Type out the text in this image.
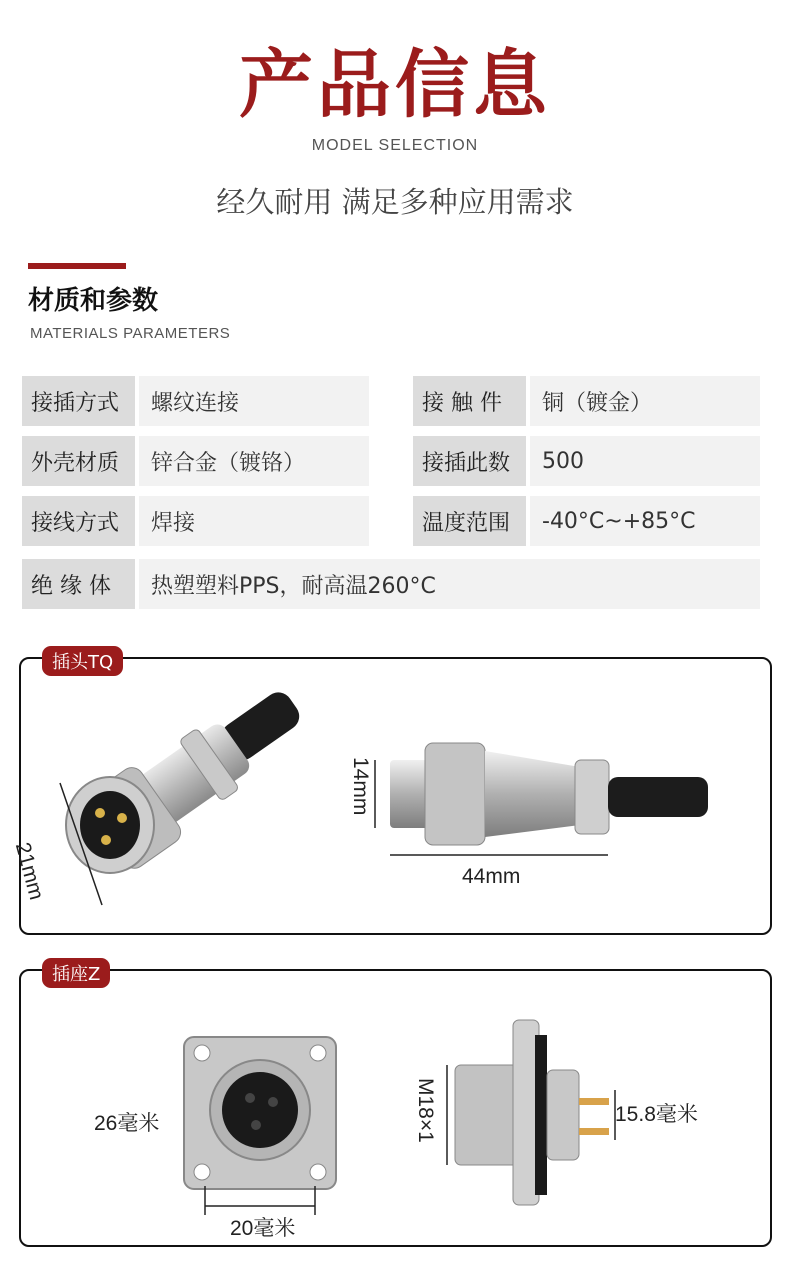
产品信息
MODEL SELECTION
经久耐用 满足多种应用需求
材质和参数
MATERIALS PARAMETERS
接插方式	螺纹连接	接 触 件	铜（镀金）
外壳材质	锌合金（镀铬）	接插此数	500
接线方式	焊接	温度范围	-40°C~+85°C
绝 缘 体	热塑塑料PPS，耐高温260°C
插头TQ
21mm
14mm
44mm
插座Z
26毫米
20毫米
M18×1	15.8毫米
